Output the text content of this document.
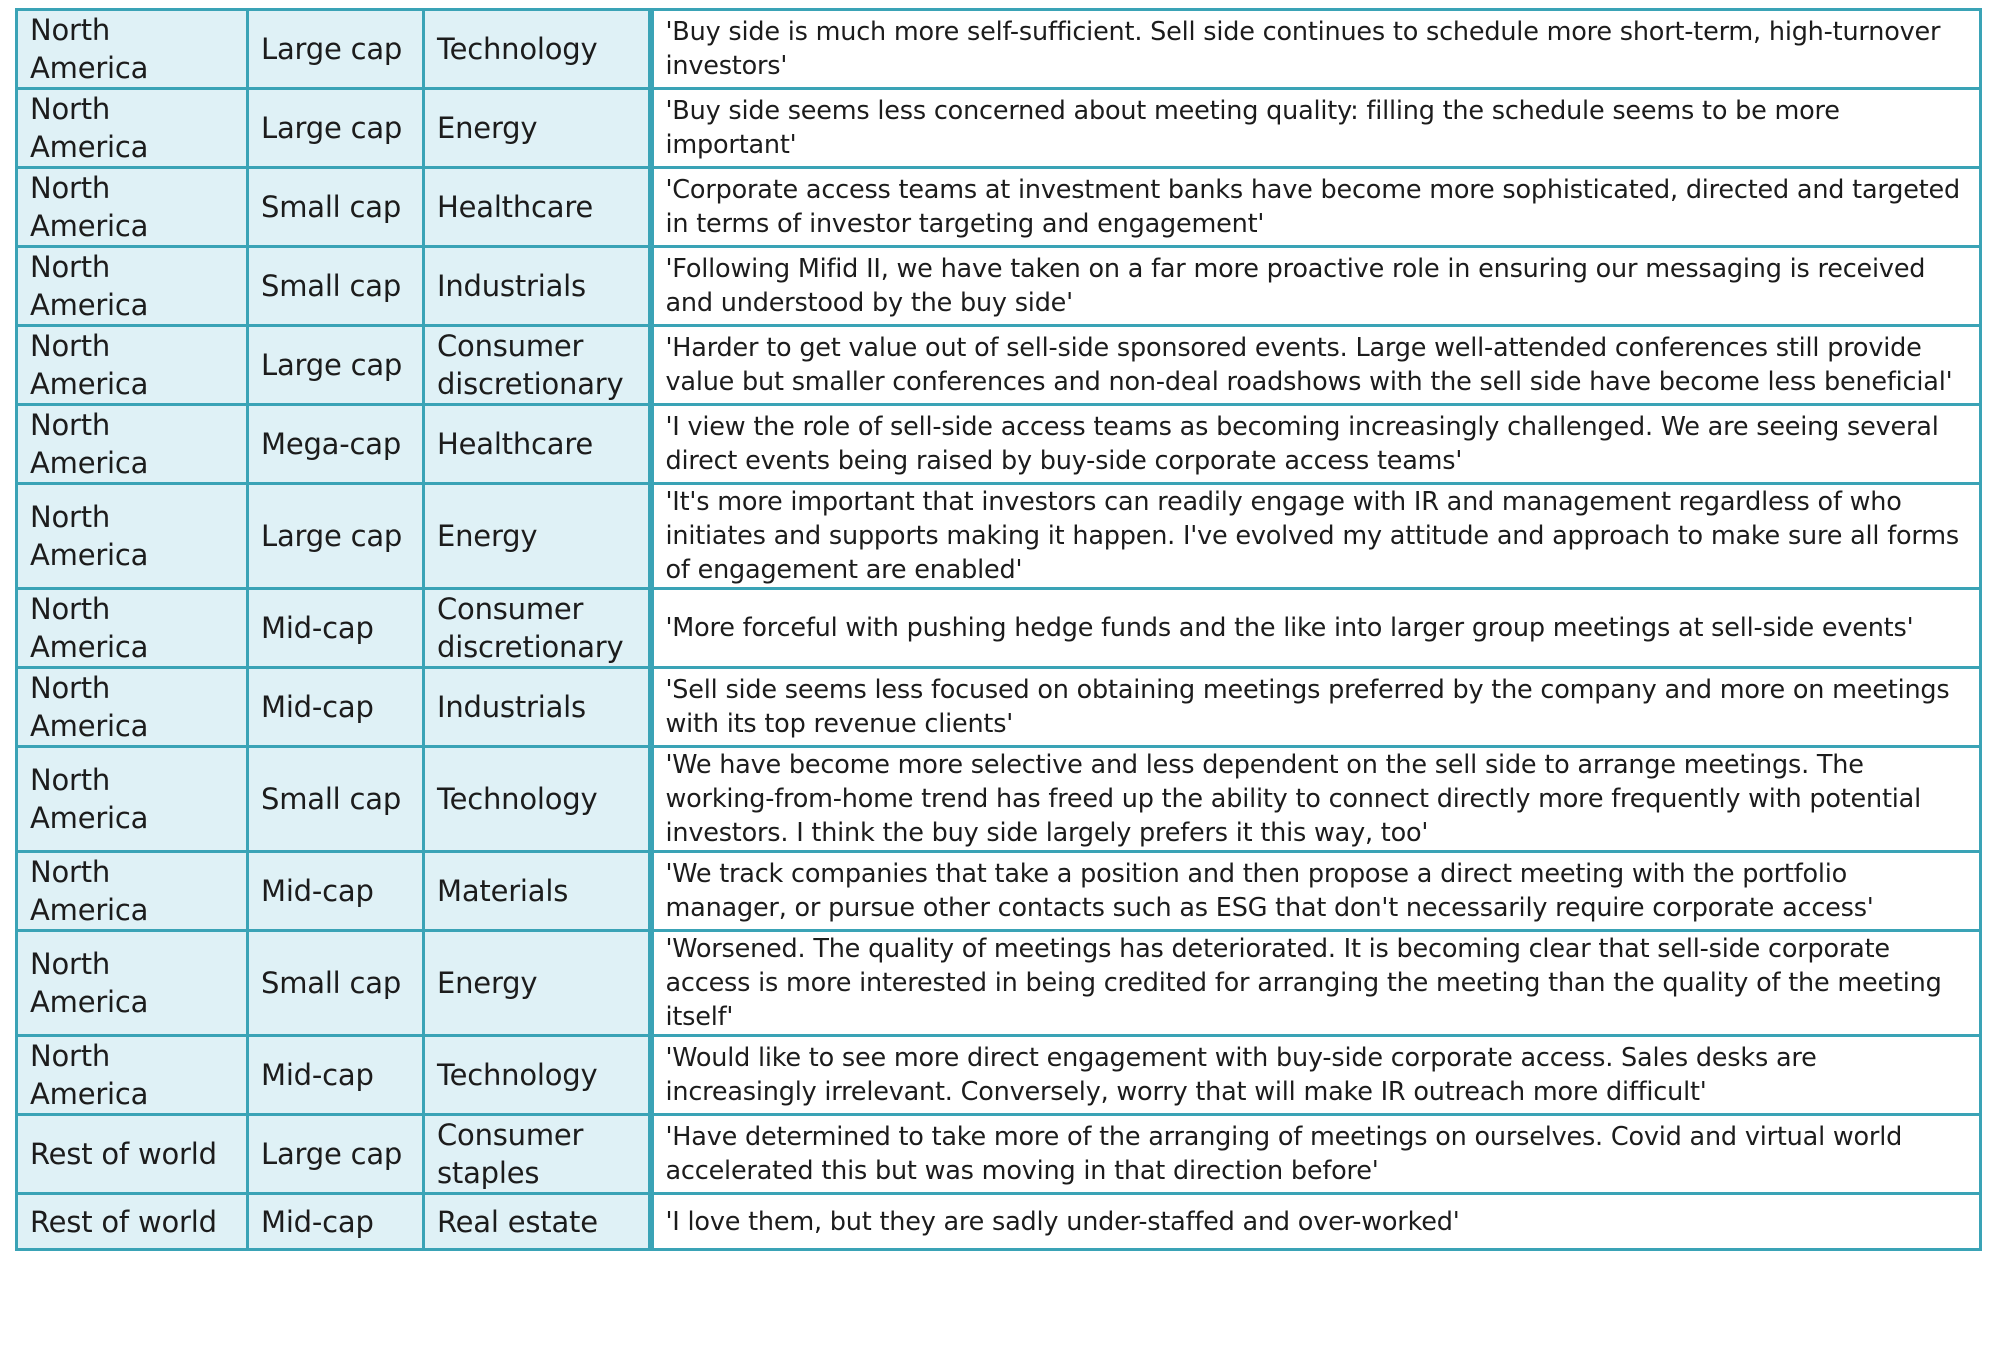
North America	Large cap	Technology	'Buy side is much more self-sufficient. Sell side continues to schedule more short-term, high-turnover investors'
North America	Large cap	Energy	'Buy side seems less concerned about meeting quality: filling the schedule seems to be more important'
North America	Small cap	Healthcare	'Corporate access teams at investment banks have become more sophisticated, directed and targeted in terms of investor targeting and engagement'
North America	Small cap	Industrials	'Following Mifid II, we have taken on a far more proactive role in ensuring our messaging is received and understood by the buy side'
North America	Large cap	Consumer discretionary	'Harder to get value out of sell-side sponsored events. Large well-attended conferences still provide value but smaller conferences and non-deal roadshows with the sell side have become less beneficial'
North America	Mega-cap	Healthcare	'I view the role of sell-side access teams as becoming increasingly challenged. We are seeing several direct events being raised by buy-side corporate access teams'
North America	Large cap	Energy	'It's more important that investors can readily engage with IR and management regardless of who initiates and supports making it happen. I've evolved my attitude and approach to make sure all forms of engagement are enabled'
North America	Mid-cap	Consumer discretionary	'More forceful with pushing hedge funds and the like into larger group meetings at sell-side events'
North America	Mid-cap	Industrials	'Sell side seems less focused on obtaining meetings preferred by the company and more on meetings with its top revenue clients'
North America	Small cap	Technology	'We have become more selective and less dependent on the sell side to arrange meetings. The working-from-home trend has freed up the ability to connect directly more frequently with potential investors. I think the buy side largely prefers it this way, too'
North America	Mid-cap	Materials	'We track companies that take a position and then propose a direct meeting with the portfolio manager, or pursue other contacts such as ESG that don't necessarily require corporate access'
North America	Small cap	Energy	'Worsened. The quality of meetings has deteriorated. It is becoming clear that sell-side corporate access is more interested in being credited for arranging the meeting than the quality of the meeting itself'
North America	Mid-cap	Technology	'Would like to see more direct engagement with buy-side corporate access. Sales desks are increasingly irrelevant. Conversely, worry that will make IR outreach more difficult'
Rest of world	Large cap	Consumer staples	'Have determined to take more of the arranging of meetings on ourselves. Covid and virtual world accelerated this but was moving in that direction before'
Rest of world	Mid-cap	Real estate	'I love them, but they are sadly under-staffed and over-worked'
